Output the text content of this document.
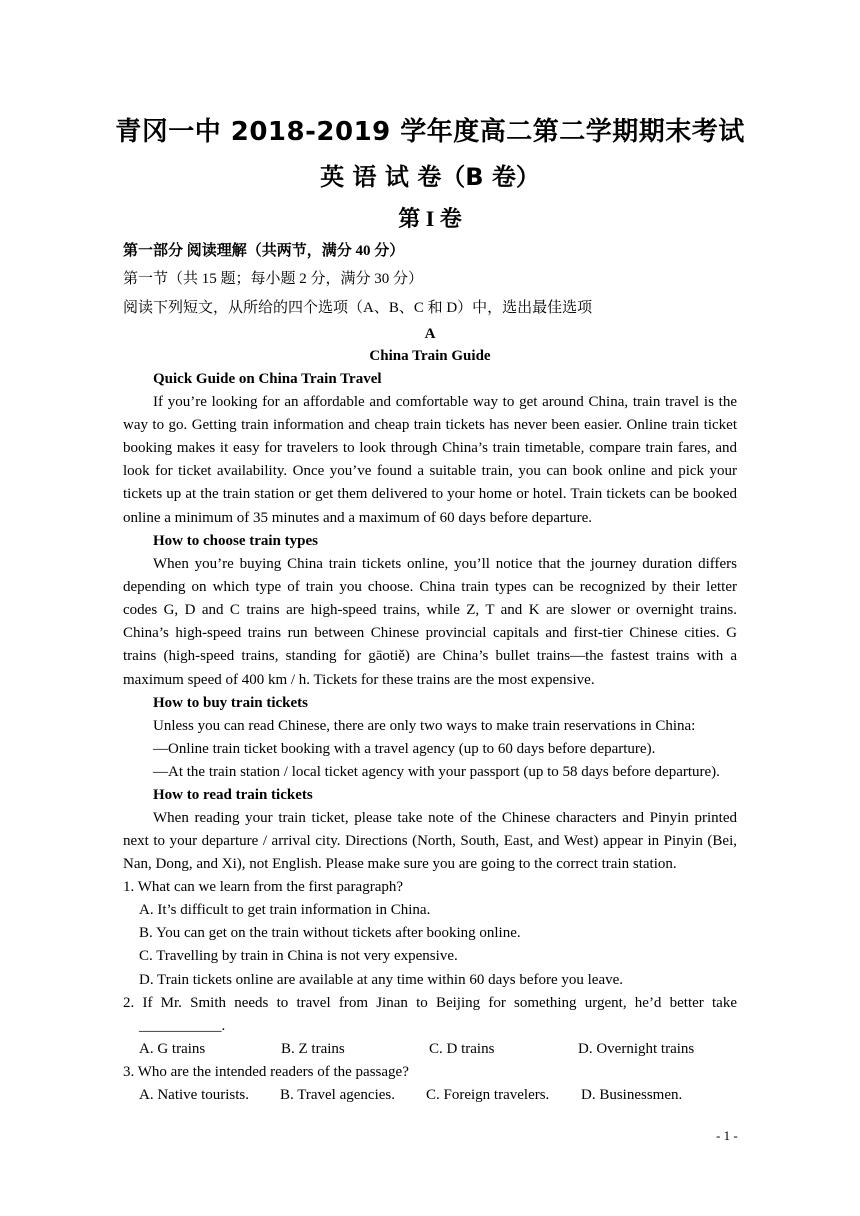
青冈一中 2018-2019 学年度高二第二学期期末考试
英 语 试 卷（B 卷）
第 I 卷
第一部分 阅读理解（共两节，满分 40 分）
第一节（共 15 题；每小题 2 分，满分 30 分）
阅读下列短文，从所给的四个选项（A、B、C 和 D）中，选出最佳选项
A
China Train Guide
Quick Guide on China Train Travel
If you’re looking for an affordable and comfortable way to get around China, train travel is the
way to go. Getting train information and cheap train tickets has never been easier. Online train ticket
booking makes it easy for travelers to look through China’s train timetable, compare train fares, and
look for ticket availability. Once you’ve found a suitable train, you can book online and pick your
tickets up at the train station or get them delivered to your home or hotel. Train tickets can be booked
online a minimum of 35 minutes and a maximum of 60 days before departure.
How to choose train types
When you’re buying China train tickets online, you’ll notice that the journey duration differs
depending on which type of train you choose. China train types can be recognized by their letter
codes G, D and C trains are high-speed trains, while Z, T and K are slower or overnight trains.
China’s high-speed trains run between Chinese provincial capitals and first-tier Chinese cities. G
trains (high-speed trains, standing for gāotiě) are China’s bullet trains—the fastest trains with a
maximum speed of 400 km / h. Tickets for these trains are the most expensive.
How to buy train tickets
Unless you can read Chinese, there are only two ways to make train reservations in China:
—Online train ticket booking with a travel agency (up to 60 days before departure).
—At the train station / local ticket agency with your passport (up to 58 days before departure).
How to read train tickets
When reading your train ticket, please take note of the Chinese characters and Pinyin printed
next to your departure / arrival city. Directions (North, South, East, and West) appear in Pinyin (Bei,
Nan, Dong, and Xi), not English. Please make sure you are going to the correct train station.
1. What can we learn from the first paragraph?
A. It’s difficult to get train information in China.
B. You can get on the train without tickets after booking online.
C. Travelling by train in China is not very expensive.
D. Train tickets online are available at any time within 60 days before you leave.
2. If Mr. Smith needs to travel from Jinan to Beijing for something urgent, he’d better take
___________.
A. G trains	B. Z trains	C. D trains	D. Overnight trains
3. Who are the intended readers of the passage?
A. Native tourists. B. Travel agencies. C. Foreign travelers. D. Businessmen.
- 1 -
